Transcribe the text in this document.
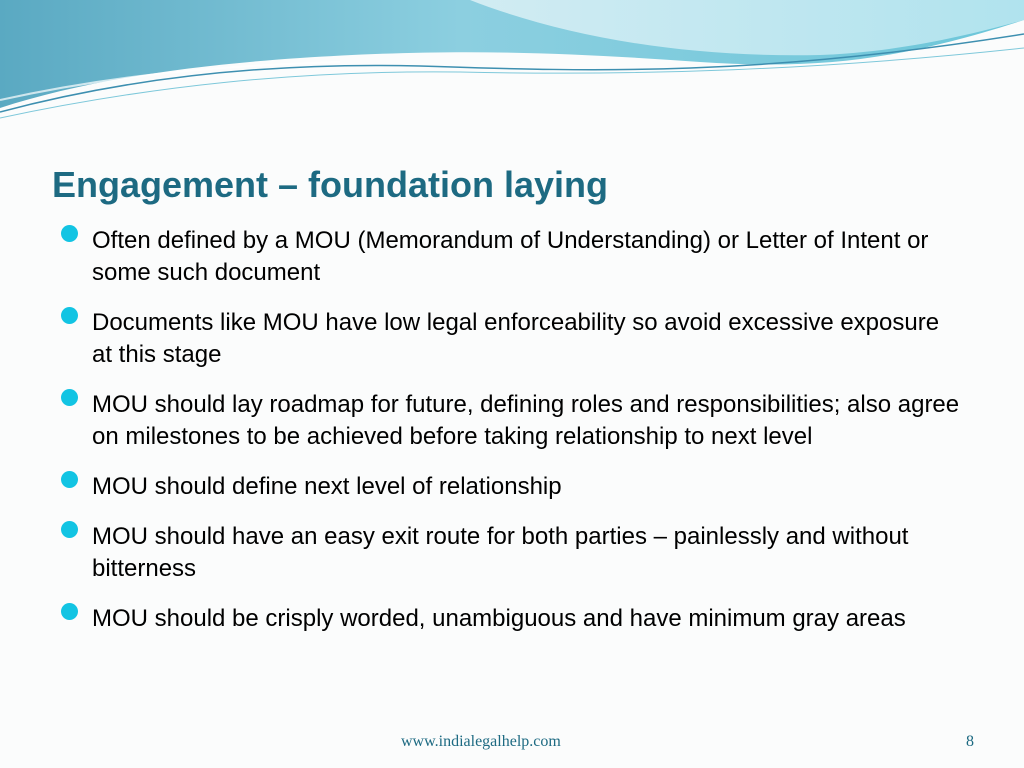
Engagement – foundation laying
Often defined by a MOU (Memorandum of Understanding) or Letter of Intent or some such document
Documents like MOU have low legal enforceability so avoid excessive exposure at this stage
MOU should lay roadmap for future, defining roles and responsibilities; also agree on milestones to be achieved before taking relationship to next level
MOU should define next level of relationship
MOU should have an easy exit route for both parties – painlessly and without bitterness
MOU should be crisply worded, unambiguous and have minimum gray areas
www.indialegalhelp.com	8
